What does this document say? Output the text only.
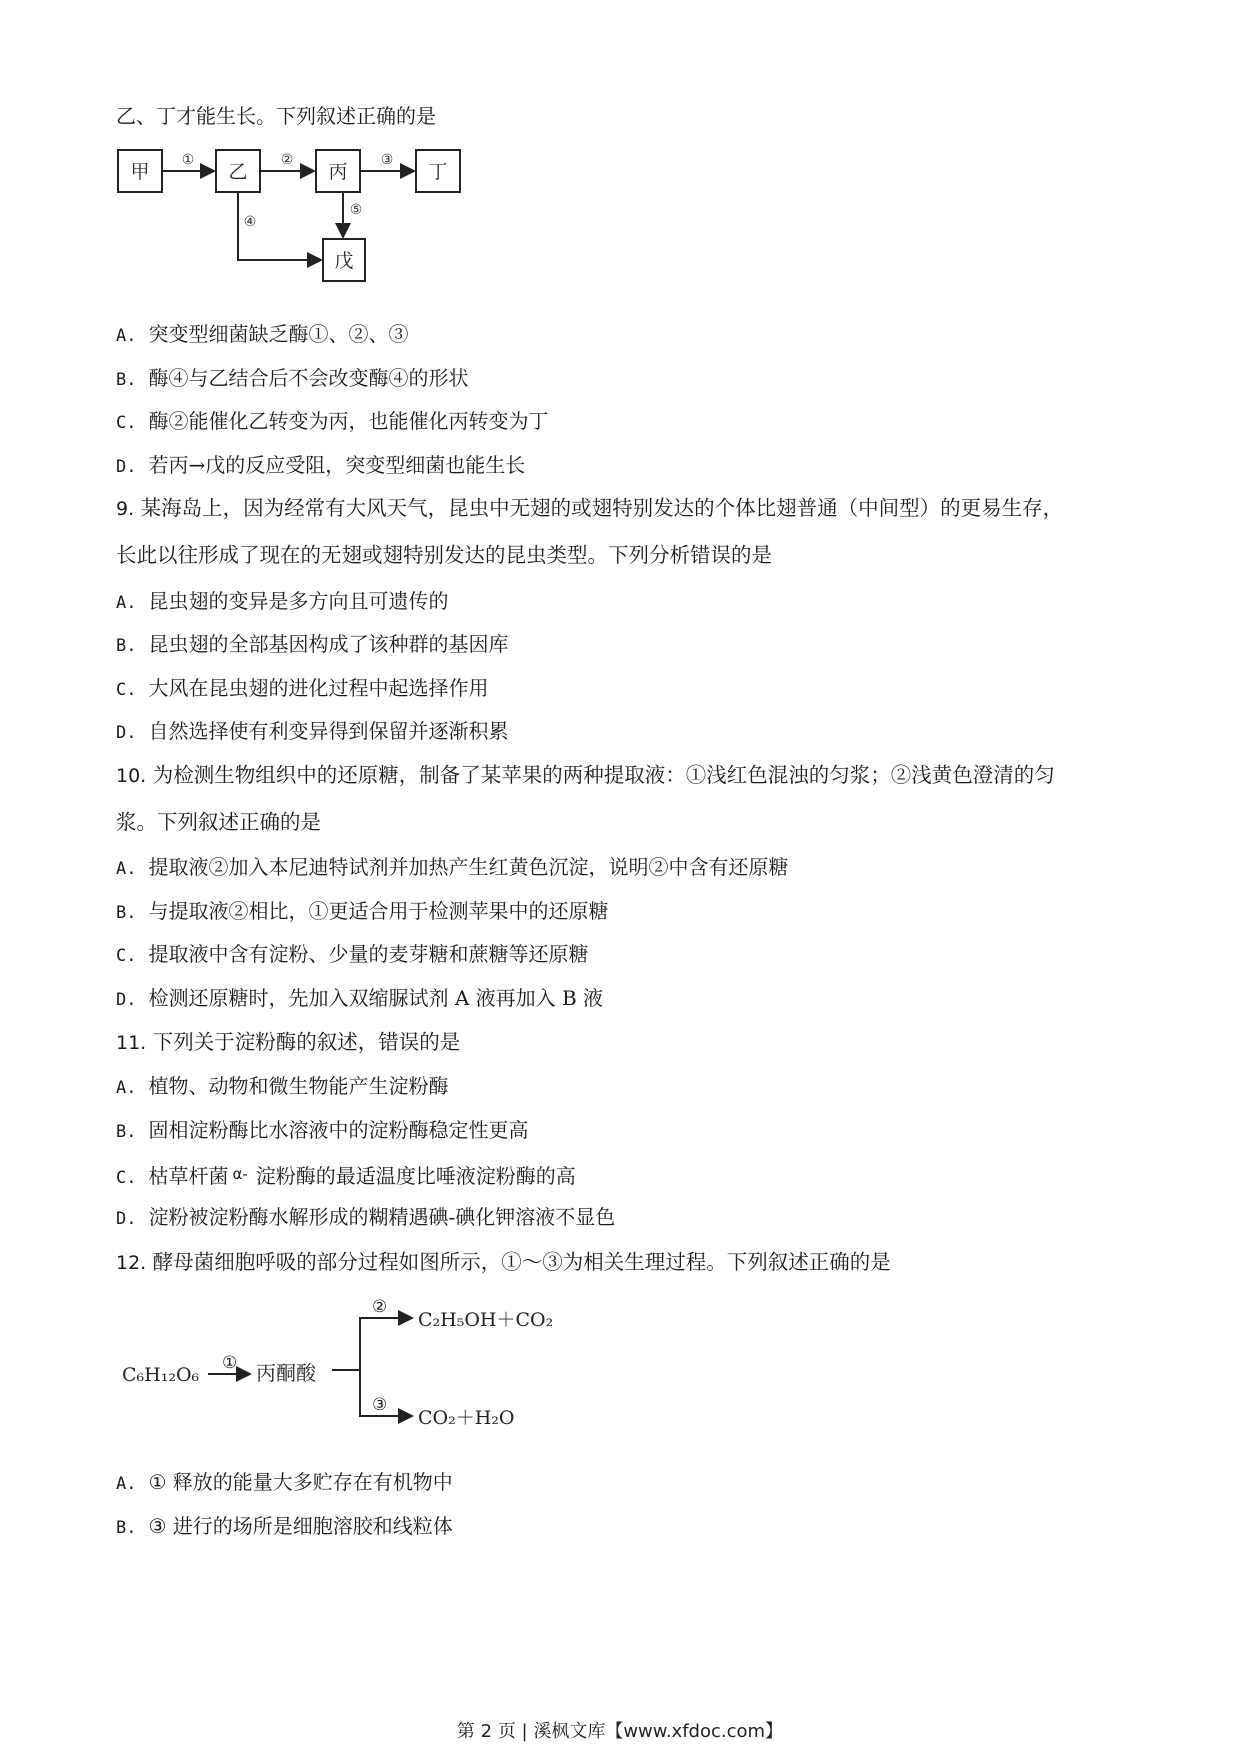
乙、丁才能生长。下列叙述正确的是
甲	乙	丙	丁
戊
①	②	③
④
⑤
A. 突变型细菌缺乏酶①、②、③
B. 酶④与乙结合后不会改变酶④的形状
C. 酶②能催化乙转变为丙，也能催化丙转变为丁
D. 若丙→戊的反应受阻，突变型细菌也能生长
9. 某海岛上，因为经常有大风天气，昆虫中无翅的或翅特别发达的个体比翅普通（中间型）的更易生存，
长此以往形成了现在的无翅或翅特别发达的昆虫类型。下列分析错误的是
A. 昆虫翅的变异是多方向且可遗传的
B. 昆虫翅的全部基因构成了该种群的基因库
C. 大风在昆虫翅的进化过程中起选择作用
D. 自然选择使有利变异得到保留并逐渐积累
10. 为检测生物组织中的还原糖，制备了某苹果的两种提取液：①浅红色混浊的匀浆；②浅黄色澄清的匀
浆。下列叙述正确的是
A. 提取液②加入本尼迪特试剂并加热产生红黄色沉淀，说明②中含有还原糖
B. 与提取液②相比，①更适合用于检测苹果中的还原糖
C. 提取液中含有淀粉、少量的麦芽糖和蔗糖等还原糖
D. 检测还原糖时，先加入双缩脲试剂 A 液再加入 B 液
11. 下列关于淀粉酶的叙述，错误的是
A. 植物、动物和微生物能产生淀粉酶
B. 固相淀粉酶比水溶液中的淀粉酶稳定性更高
C. 枯草杆菌 $^{\alpha-}$ 淀粉酶的最适温度比唾液淀粉酶的高
D. 淀粉被淀粉酶水解形成的糊精遇碘-碘化钾溶液不显色
12. 酵母菌细胞呼吸的部分过程如图所示，①～③为相关生理过程。下列叙述正确的是
C₆H₁₂O₆	丙酮酸
C₂H₅OH＋CO₂
CO₂＋H₂O
①
②
③
A. ① 释放的能量大多贮存在有机物中
B. ③ 进行的场所是细胞溶胶和线粒体
第 2 页 | 溪枫文库【www.xfdoc.com】
